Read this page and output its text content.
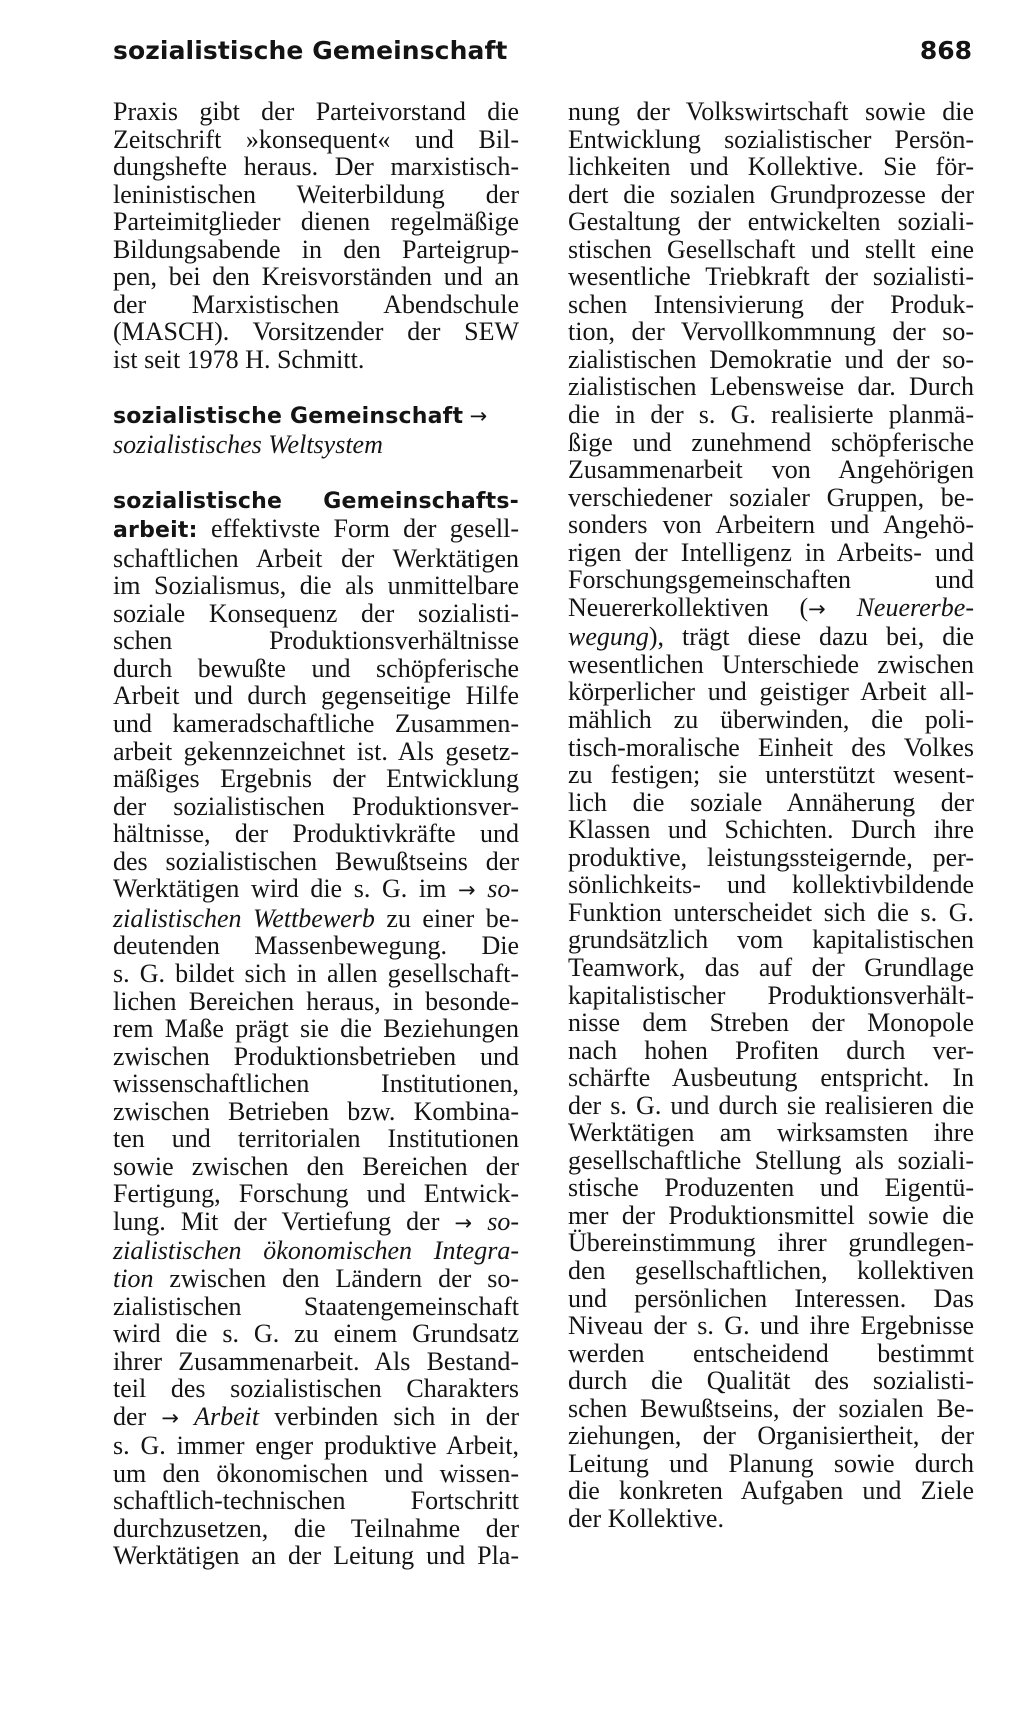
sozialistische Gemeinschaft	868

Praxis gibt der Parteivorstand die
Zeitschrift »konsequent« und Bil-
dungshefte heraus. Der marxistisch-
leninistischen Weiterbildung der
Parteimitglieder dienen regelmäßige
Bildungsabende in den Parteigrup-
pen, bei den Kreisvorständen und an
der Marxistischen Abendschule
(MASCH). Vorsitzender der SEW
ist seit 1978 H. Schmitt.

sozialistische Gemeinschaft →
sozialistisches Weltsystem

sozialistische Gemeinschafts-
arbeit: effektivste Form der gesell-
schaftlichen Arbeit der Werktätigen
im Sozialismus, die als unmittelbare
soziale Konsequenz der sozialisti-
schen Produktionsverhältnisse
durch bewußte und schöpferische
Arbeit und durch gegenseitige Hilfe
und kameradschaftliche Zusammen-
arbeit gekennzeichnet ist. Als gesetz-
mäßiges Ergebnis der Entwicklung
der sozialistischen Produktionsver-
hältnisse, der Produktivkräfte und
des sozialistischen Bewußtseins der
Werktätigen wird die s. G. im → so-
zialistischen Wettbewerb zu einer be-
deutenden Massenbewegung. Die
s. G. bildet sich in allen gesellschaft-
lichen Bereichen heraus, in besonde-
rem Maße prägt sie die Beziehungen
zwischen Produktionsbetrieben und
wissenschaftlichen Institutionen,
zwischen Betrieben bzw. Kombina-
ten und territorialen Institutionen
sowie zwischen den Bereichen der
Fertigung, Forschung und Entwick-
lung. Mit der Vertiefung der → so-
zialistischen ökonomischen Integra-
tion zwischen den Ländern der so-
zialistischen Staatengemeinschaft
wird die s. G. zu einem Grundsatz
ihrer Zusammenarbeit. Als Bestand-
teil des sozialistischen Charakters
der → Arbeit verbinden sich in der
s. G. immer enger produktive Arbeit,
um den ökonomischen und wissen-
schaftlich-technischen Fortschritt
durchzusetzen, die Teilnahme der
Werktätigen an der Leitung und Pla-

nung der Volkswirtschaft sowie die
Entwicklung sozialistischer Persön-
lichkeiten und Kollektive. Sie för-
dert die sozialen Grundprozesse der
Gestaltung der entwickelten soziali-
stischen Gesellschaft und stellt eine
wesentliche Triebkraft der sozialisti-
schen Intensivierung der Produk-
tion, der Vervollkommnung der so-
zialistischen Demokratie und der so-
zialistischen Lebensweise dar. Durch
die in der s. G. realisierte planmä-
ßige und zunehmend schöpferische
Zusammenarbeit von Angehörigen
verschiedener sozialer Gruppen, be-
sonders von Arbeitern und Angehö-
rigen der Intelligenz in Arbeits- und
Forschungsgemeinschaften und
Neuererkollektiven (→ Neuererbe-
wegung), trägt diese dazu bei, die
wesentlichen Unterschiede zwischen
körperlicher und geistiger Arbeit all-
mählich zu überwinden, die poli-
tisch-moralische Einheit des Volkes
zu festigen; sie unterstützt wesent-
lich die soziale Annäherung der
Klassen und Schichten. Durch ihre
produktive, leistungssteigernde, per-
sönlichkeits- und kollektivbildende
Funktion unterscheidet sich die s. G.
grundsätzlich vom kapitalistischen
Teamwork, das auf der Grundlage
kapitalistischer Produktionsverhält-
nisse dem Streben der Monopole
nach hohen Profiten durch ver-
schärfte Ausbeutung entspricht. In
der s. G. und durch sie realisieren die
Werktätigen am wirksamsten ihre
gesellschaftliche Stellung als soziali-
stische Produzenten und Eigentü-
mer der Produktionsmittel sowie die
Übereinstimmung ihrer grundlegen-
den gesellschaftlichen, kollektiven
und persönlichen Interessen. Das
Niveau der s. G. und ihre Ergebnisse
werden entscheidend bestimmt
durch die Qualität des sozialisti-
schen Bewußtseins, der sozialen Be-
ziehungen, der Organisiertheit, der
Leitung und Planung sowie durch
die konkreten Aufgaben und Ziele
der Kollektive.
